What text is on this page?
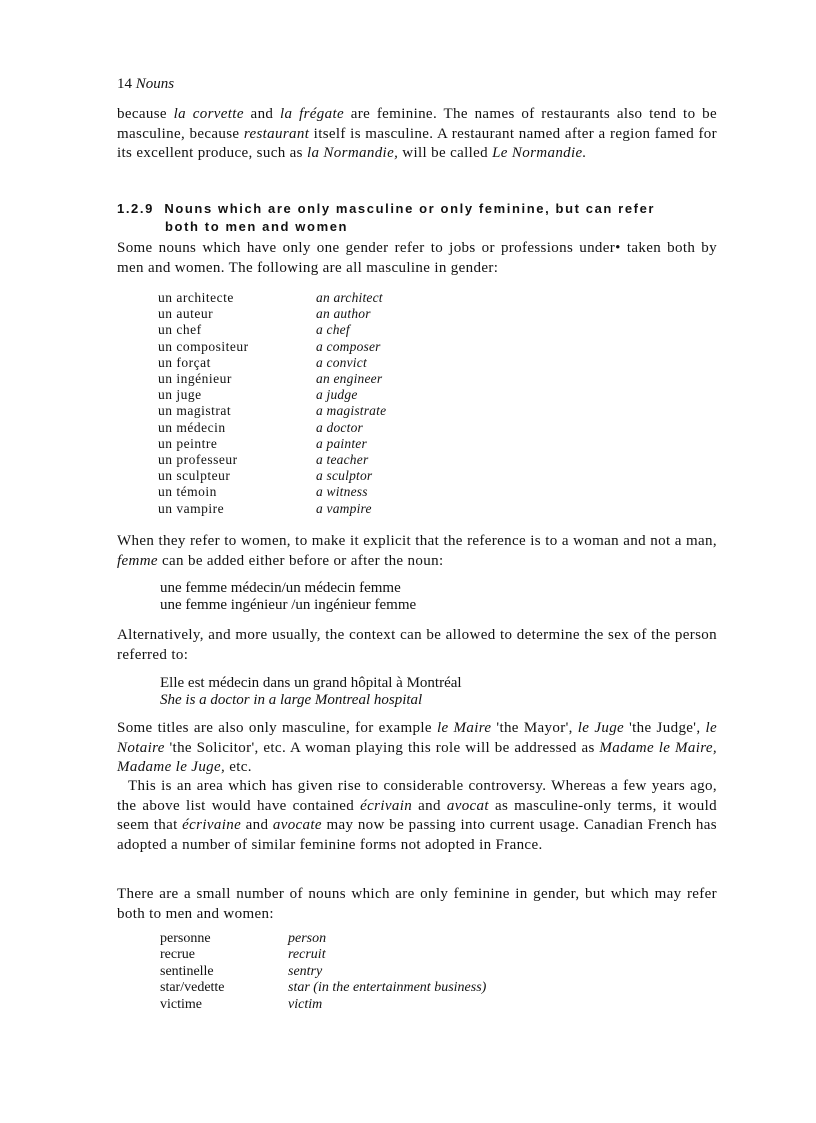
14 Nouns

because la corvette and la frégate are feminine. The names of restaurants also tend to be masculine, because restaurant itself is masculine. A restaurant named after a region famed for its excellent produce, such as la Normandie, will be called Le Normandie.

1.2.9 Nouns which are only masculine or only feminine, but can refer
both to men and women

Some nouns which have only one gender refer to jobs or professions under• taken both by men and women. The following are all masculine in gender:

un architecte	an architect
un auteur	an author
un chef	a chef
un compositeur	a composer
un forçat	a convict
un ingénieur	an engineer
un juge	a judge
un magistrat	a magistrate
un médecin	a doctor
un peintre	a painter
un professeur	a teacher
un sculpteur	a sculptor
un témoin	a witness
un vampire	a vampire

When they refer to women, to make it explicit that the reference is to a woman and not a man, femme can be added either before or after the noun:

une femme médecin/un médecin femme
une femme ingénieur /un ingénieur femme

Alternatively, and more usually, the context can be allowed to determine the sex of the person referred to:

Elle est médecin dans un grand hôpital à Montréal
She is a doctor in a large Montreal hospital

Some titles are also only masculine, for example le Maire 'the Mayor', le Juge 'the Judge', le Notaire 'the Solicitor', etc. A woman playing this role will be addressed as Madame le Maire, Madame le Juge, etc.

This is an area which has given rise to considerable controversy. Whereas a few years ago, the above list would have contained écrivain and avocat as masculine-only terms, it would seem that écrivaine and avocate may now be passing into current usage. Canadian French has adopted a number of similar feminine forms not adopted in France.

There are a small number of nouns which are only feminine in gender, but which may refer both to men and women:

personne	person
recrue	recruit
sentinelle	sentry
star/vedette	star (in the entertainment business)
victime	victim
